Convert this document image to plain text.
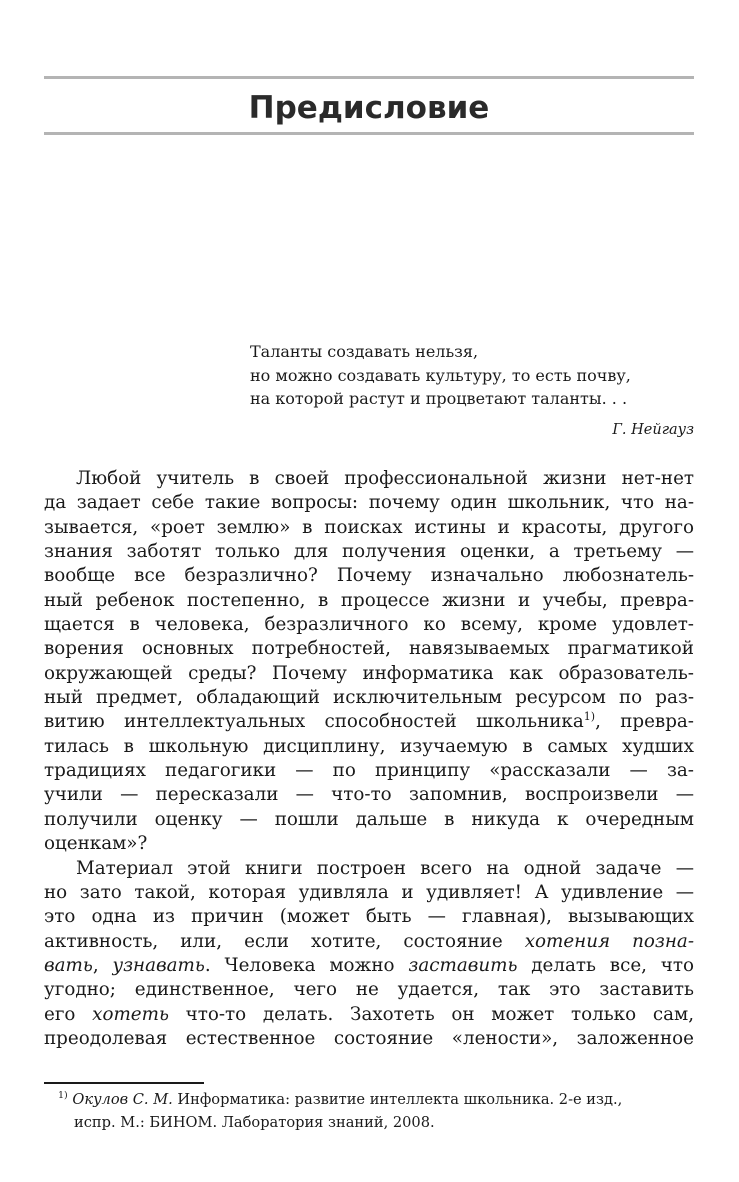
Предисловие
Таланты создавать нельзя,
но можно создавать культуру, то есть почву,
на которой растут и процветают таланты. . .
Г. Нейгауз
Любой учитель в своей профессиональной жизни нет-нет
да задает себе такие вопросы: почему один школьник, что на-
зывается, «роет землю» в поисках истины и красоты, другого
знания заботят только для получения оценки, а третьему —
вообще все безразлично? Почему изначально любознатель-
ный ребенок постепенно, в процессе жизни и учебы, превра-
щается в человека, безразличного ко всему, кроме удовлет-
ворения основных потребностей, навязываемых прагматикой
окружающей среды? Почему информатика как образователь-
ный предмет, обладающий исключительным ресурсом по раз-
витию интеллектуальных способностей школьника$^{1)}$, превра-
тилась в школьную дисциплину, изучаемую в самых худших
традициях педагогики — по принципу «рассказали — за-
учили — пересказали — что-то запомнив, воспроизвели —
получили оценку — пошли дальше в никуда к очередным
оценкам»?
Материал этой книги построен всего на одной задаче —
но зато такой, которая удивляла и удивляет! А удивление —
это одна из причин (может быть — главная), вызывающих
активность, или, если хотите, состояние хотения позна-
вать, узнавать. Человека можно заставить делать все, что
угодно; единственное, чего не удается, так это заставить
его хотеть что-то делать. Захотеть он может только сам,
преодолевая естественное состояние «лености», заложенное
$^{1)}$ Окулов С. М. Информатика: развитие интеллекта школьника. 2-е изд.,
испр. М.: БИНОМ. Лаборатория знаний, 2008.
